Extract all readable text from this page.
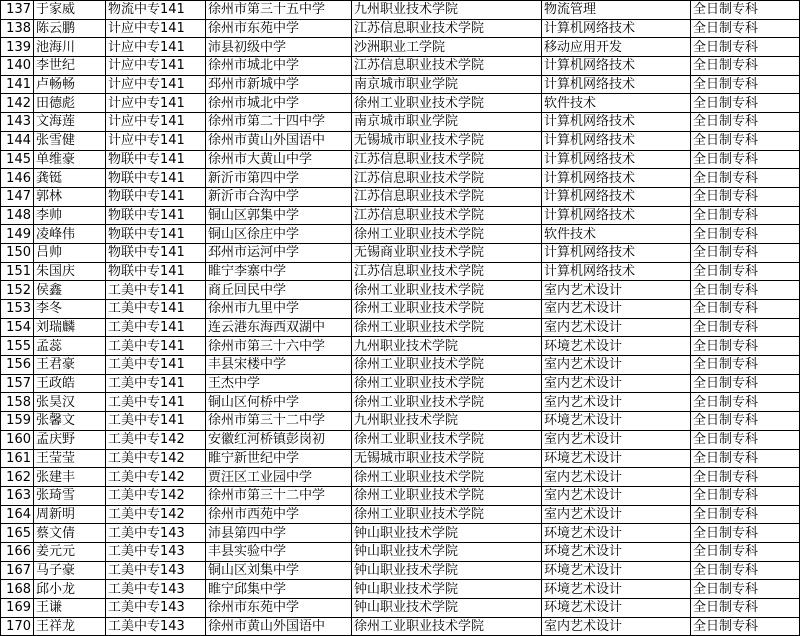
137	于家威	物流中专141	徐州市第三十五中学	九州职业技术学院	物流管理	全日制专科
138	陈云鹏	计应中专141	徐州市东苑中学	江苏信息职业技术学院	计算机网络技术	全日制专科
139	池海川	计应中专141	沛县初级中学	沙洲职业工学院	移动应用开发	全日制专科
140	李世纪	计应中专141	徐州市城北中学	江苏信息职业技术学院	计算机网络技术	全日制专科
141	卢畅畅	计应中专141	邳州市新城中学	南京城市职业学院	计算机网络技术	全日制专科
142	田德彪	计应中专141	徐州市城北中学	徐州工业职业技术学院	软件技术	全日制专科
143	文海莲	计应中专141	徐州市第二十四中学	南京城市职业学院	计算机网络技术	全日制专科
144	张雪健	计应中专141	徐州市黄山外国语中	无锡城市职业技术学院	计算机网络技术	全日制专科
145	单维豪	物联中专141	徐州市大黄山中学	江苏信息职业技术学院	计算机网络技术	全日制专科
146	龚铤	物联中专141	新沂市第四中学	江苏信息职业技术学院	计算机网络技术	全日制专科
147	郭林	物联中专141	新沂市合沟中学	江苏信息职业技术学院	计算机网络技术	全日制专科
148	李帅	物联中专141	铜山区郭集中学	江苏信息职业技术学院	计算机网络技术	全日制专科
149	凌峰伟	物联中专141	铜山区徐庄中学	徐州工业职业技术学院	软件技术	全日制专科
150	吕帅	物联中专141	邳州市运河中学	无锡商业职业技术学院	计算机网络技术	全日制专科
151	朱国庆	物联中专141	睢宁李寨中学	江苏信息职业技术学院	计算机网络技术	全日制专科
152	侯鑫	工美中专141	商丘回民中学	徐州工业职业技术学院	室内艺术设计	全日制专科
153	李冬	工美中专141	徐州市九里中学	徐州工业职业技术学院	室内艺术设计	全日制专科
154	刘瑞麟	工美中专141	连云港东海西双湖中	徐州工业职业技术学院	室内艺术设计	全日制专科
155	孟蕊	工美中专141	徐州市第三十六中学	九州职业技术学院	环境艺术设计	全日制专科
156	王君豪	工美中专141	丰县宋楼中学	徐州工业职业技术学院	室内艺术设计	全日制专科
157	王政皓	工美中专141	王杰中学	徐州工业职业技术学院	室内艺术设计	全日制专科
158	张昊汉	工美中专141	铜山区何桥中学	徐州工业职业技术学院	室内艺术设计	全日制专科
159	张馨文	工美中专141	徐州市第三十二中学	九州职业技术学院	环境艺术设计	全日制专科
160	孟庆野	工美中专142	安徽红河桥镇彭岗初	徐州工业职业技术学院	室内艺术设计	全日制专科
161	王莹莹	工美中专142	睢宁新世纪中学	无锡城市职业技术学院	环境艺术设计	全日制专科
162	张建丰	工美中专142	贾汪区工业园中学	徐州工业职业技术学院	室内艺术设计	全日制专科
163	张琦雪	工美中专142	徐州市第三十二中学	徐州工业职业技术学院	室内艺术设计	全日制专科
164	周新明	工美中专142	徐州市西苑中学	徐州工业职业技术学院	室内艺术设计	全日制专科
165	蔡文倩	工美中专143	沛县第四中学	钟山职业技术学院	环境艺术设计	全日制专科
166	姜元元	工美中专143	丰县实验中学	钟山职业技术学院	环境艺术设计	全日制专科
167	马子豪	工美中专143	铜山区刘集中学	钟山职业技术学院	环境艺术设计	全日制专科
168	邱小龙	工美中专143	睢宁邱集中学	钟山职业技术学院	环境艺术设计	全日制专科
169	王谦	工美中专143	徐州市东苑中学	钟山职业技术学院	环境艺术设计	全日制专科
170	王祥龙	工美中专143	徐州市黄山外国语中	徐州工业职业技术学院	室内艺术设计	全日制专科
